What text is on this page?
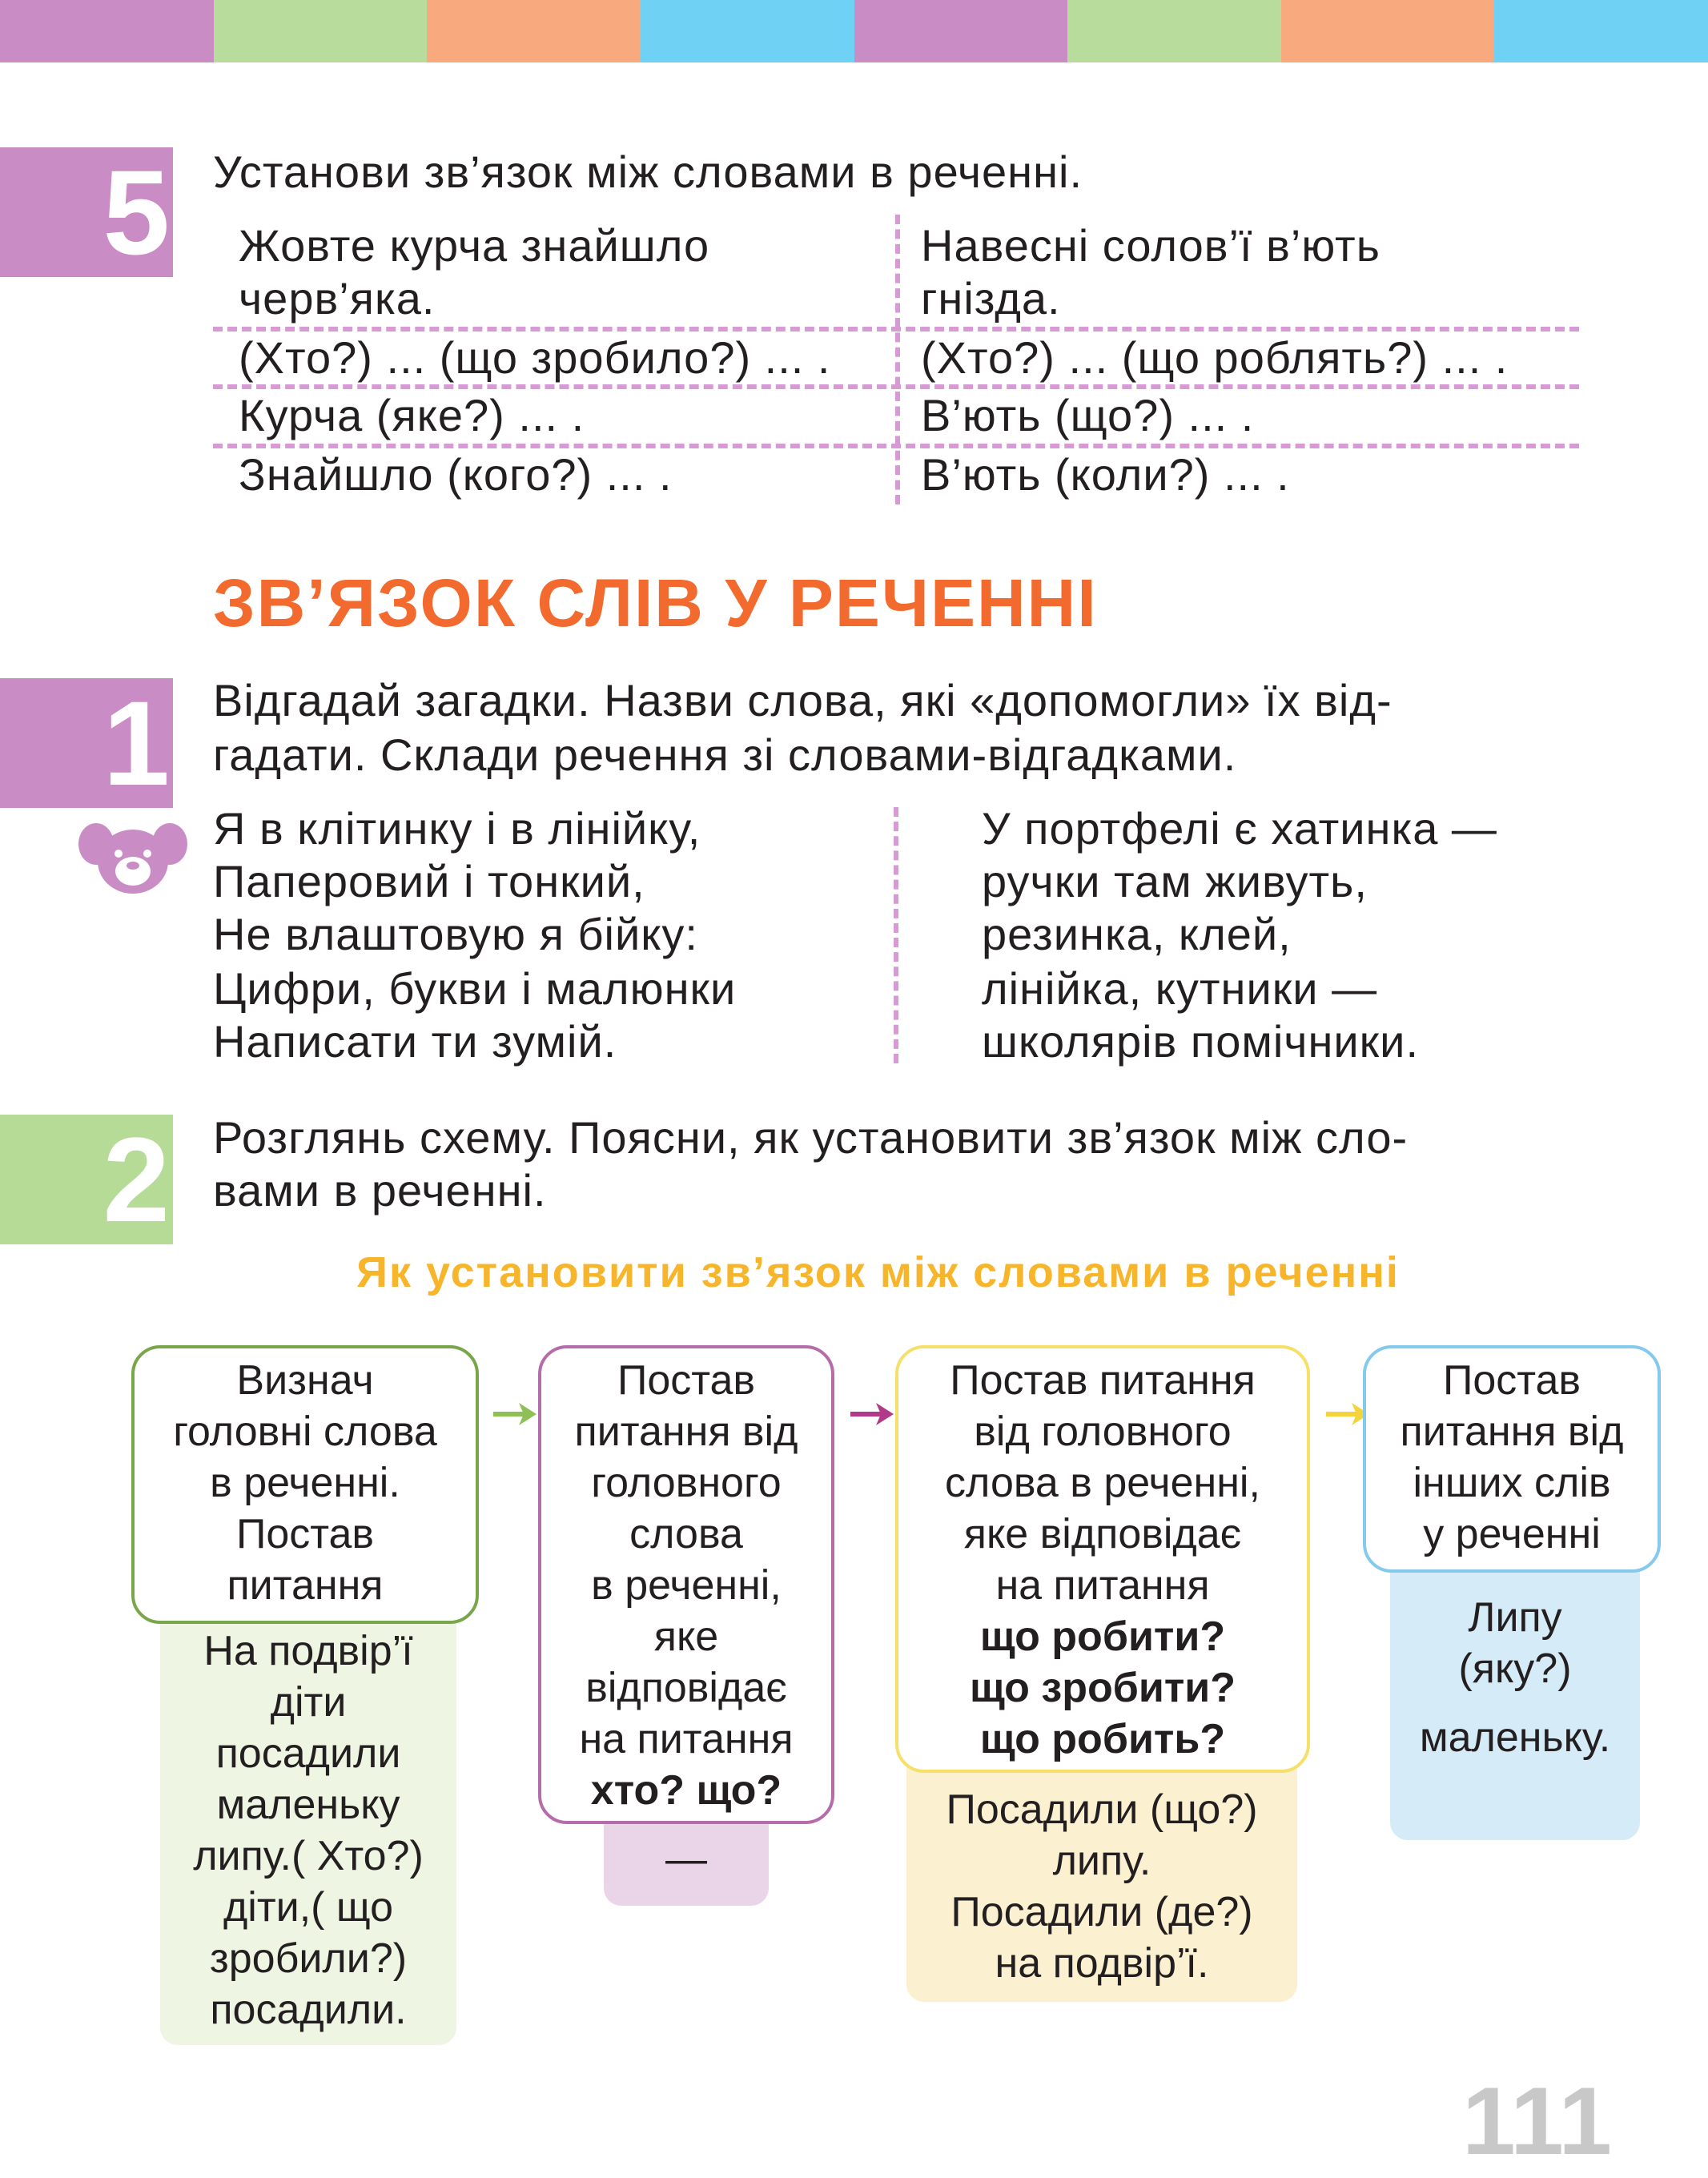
5 Установи зв’язок між словами в реченні.
Жовте курча знайшло
черв’яка.
(Хто?) ... (що зробило?) ... .
Курча (яке?) ... .
Знайшло (кого?) ... .
Навесні солов’ї в’ють
гнізда.
(Хто?) ... (що роблять?) ... .
В’ють (що?) ... .
В’ють (коли?) ... .
ЗВ’ЯЗОК СЛІВ У РЕЧЕННІ
1 Відгадай загадки. Назви слова, які «допомогли» їх від-
гадати. Склади речення зі словами-відгадками.
Я в клітинку і в лінійку,
Паперовий і тонкий,
Не влаштовую я бійку:
Цифри, букви і малюнки
Написати ти зумій.
У портфелі є хатинка —
ручки там живуть,
резинка, клей,
лінійка, кутники —
школярів помічники.
2 Розглянь схему. Поясни, як установити зв’язок між сло-
вами в реченні.
Як установити зв’язок між словами в реченні
На подвір’ї
діти
посадили
маленьку
липу.( Хто?)
діти,( що
зробили?)
посадили.
Визнач
головні слова
в реченні.
Постав
питання
—
Постав
питання від
головного
слова
в реченні,
яке
відповідає
на питання
хто? що?	Посадили (що?)
липу.
Посадили (де?)
на подвір’ї.
Постав питання
від головного
слова в реченні,
яке відповідає
на питання
що робити?
що зробити?
що робить?
Липу
(яку?)
маленьку.
Постав
питання від
інших слів
у реченні
111
